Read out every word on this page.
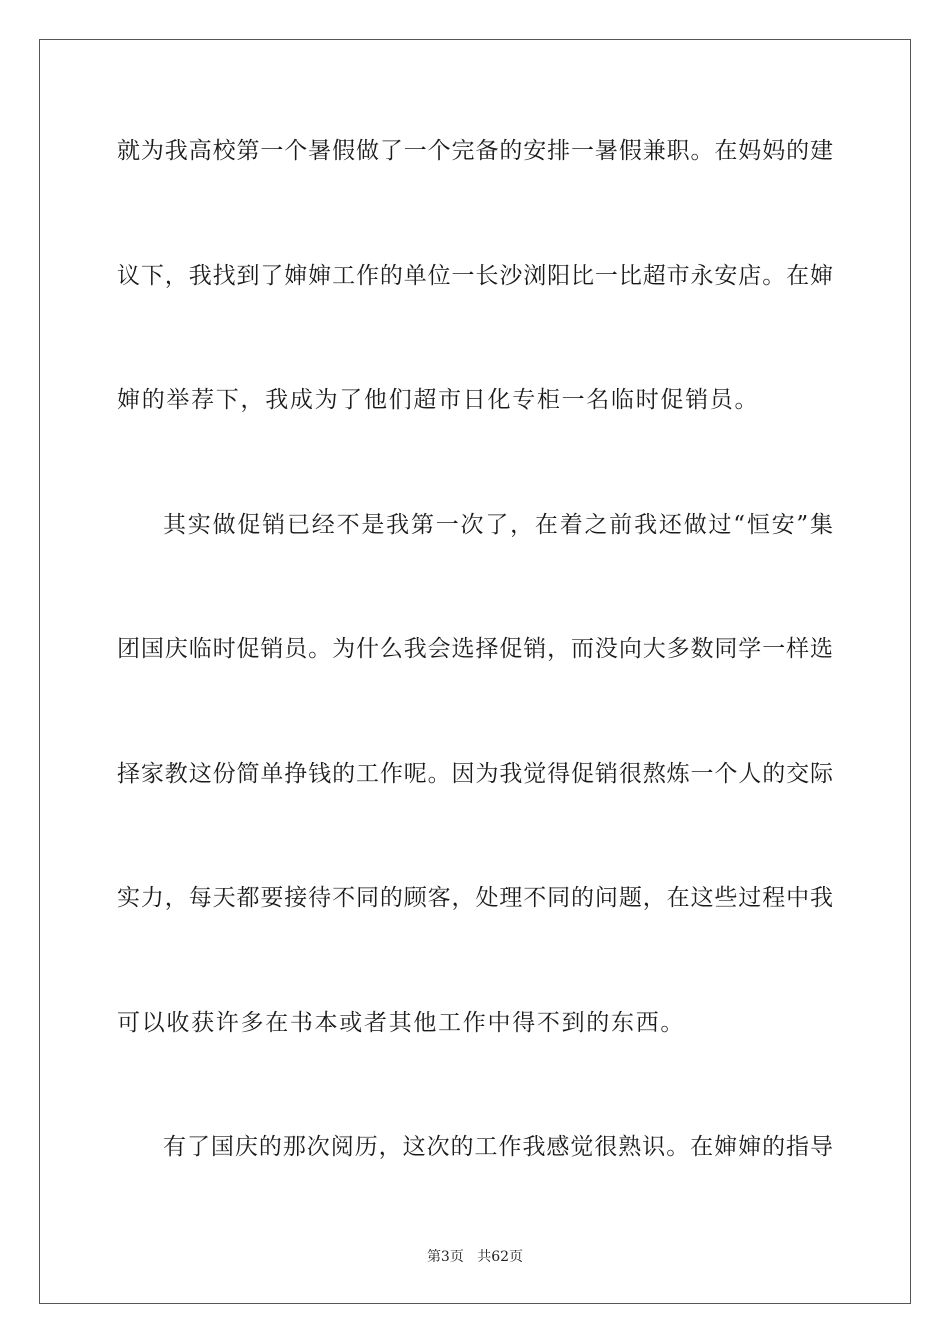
就为我高校第一个暑假做了一个完备的安排一暑假兼职。在妈妈的建
议下，我找到了婶婶工作的单位一长沙浏阳比一比超市永安店。在婶
婶的举荐下，我成为了他们超市日化专柜一名临时促销员。
其实做促销已经不是我第一次了，在着之前我还做过“恒安”集
团国庆临时促销员。为什么我会选择促销，而没向大多数同学一样选
择家教这份简单挣钱的工作呢。因为我觉得促销很熬炼一个人的交际
实力，每天都要接待不同的顾客，处理不同的问题，在这些过程中我
可以收获许多在书本或者其他工作中得不到的东西。
有了国庆的那次阅历，这次的工作我感觉很熟识。在婶婶的指导
第3页 共62页
